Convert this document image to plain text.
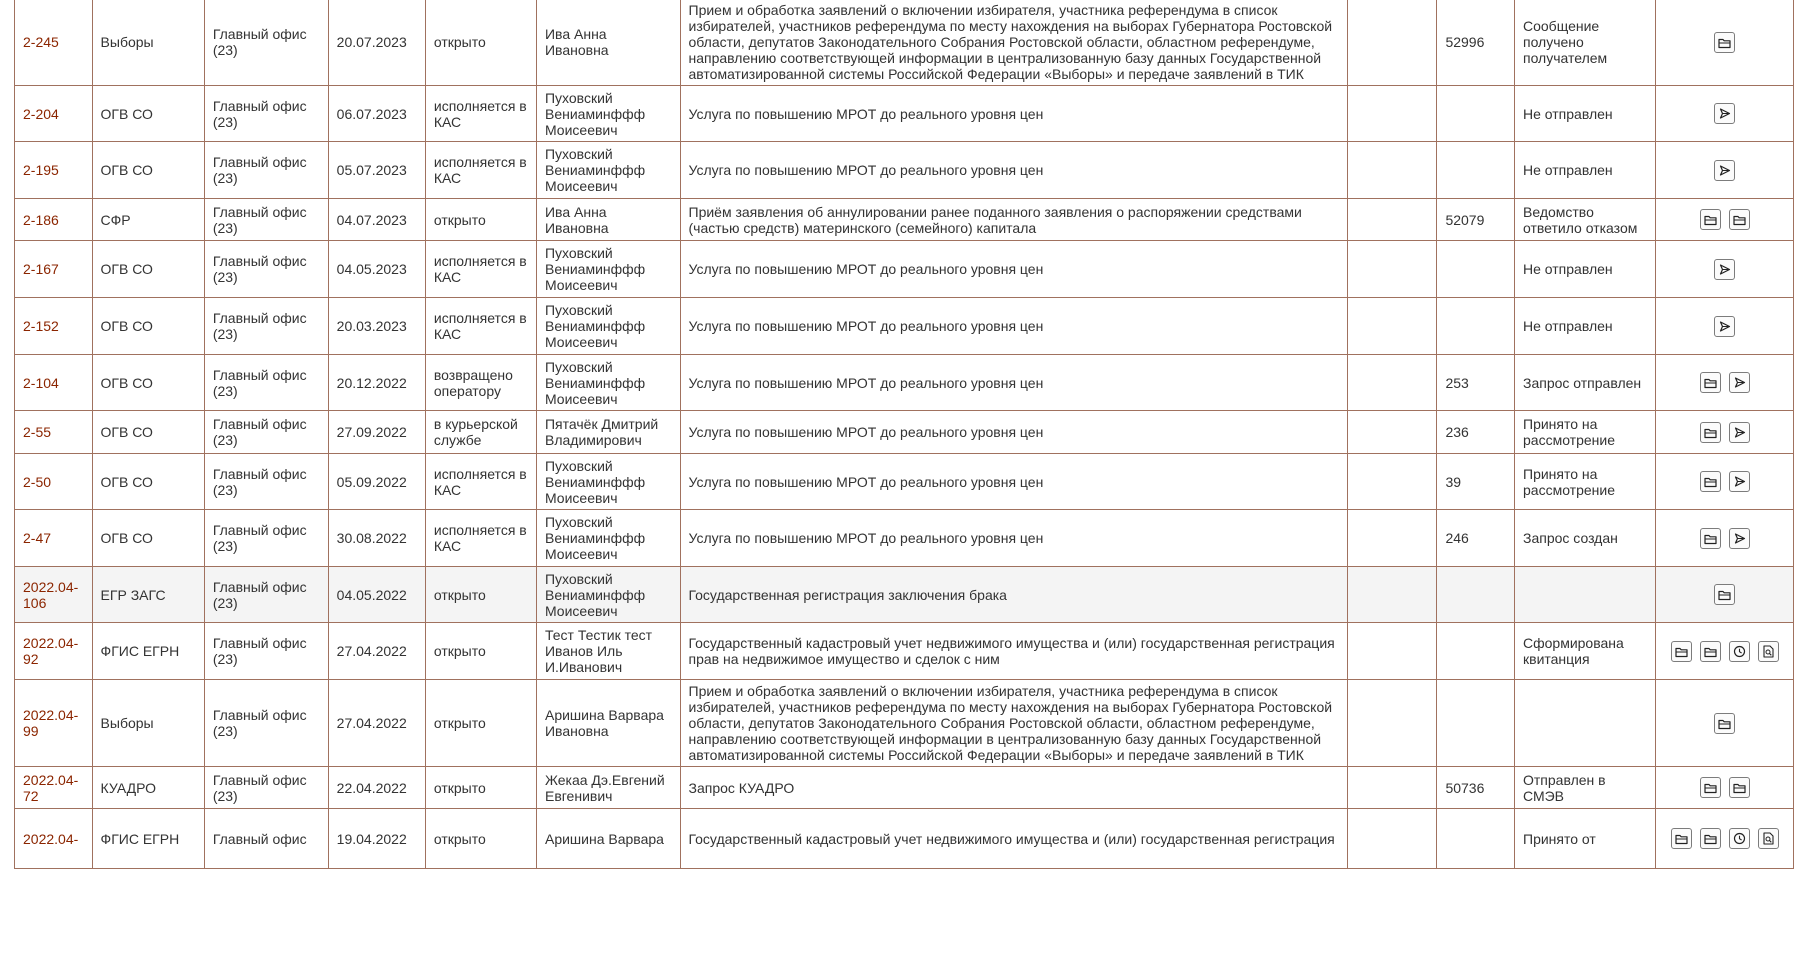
2-245	Выборы	Главный офис (23)	20.07.2023	открыто	Ива Анна Ивановна	Прием и обработка заявлений о включении избирателя, участника референдума в список избирателей, участников референдума по месту нахождения на выборах Губернатора Ростовской области, депутатов Законодательного Собрания Ростовской области, областном референдуме, направлению соответствующей информации в централизованную базу данных Государственной автоматизированной системы Российской Федерации «Выборы» и передаче заявлений в ТИК		52996	Сообщение получено получателем	

2-204	ОГВ СО	Главный офис (23)	06.07.2023	исполняется в КАС	Пуховский Вениаминффф Моисеевич	Услуга по повышению МРОТ до реального уровня цен			Не отправлен	

2-195	ОГВ СО	Главный офис (23)	05.07.2023	исполняется в КАС	Пуховский Вениаминффф Моисеевич	Услуга по повышению МРОТ до реального уровня цен			Не отправлен	

2-186	СФР	Главный офис (23)	04.07.2023	открыто	Ива Анна Ивановна	Приём заявления об аннулировании ранее поданного заявления о распоряжении средствами (частью средств) материнского (семейного) капитала		52079	Ведомство ответило отказом	

2-167	ОГВ СО	Главный офис (23)	04.05.2023	исполняется в КАС	Пуховский Вениаминффф Моисеевич	Услуга по повышению МРОТ до реального уровня цен			Не отправлен	

2-152	ОГВ СО	Главный офис (23)	20.03.2023	исполняется в КАС	Пуховский Вениаминффф Моисеевич	Услуга по повышению МРОТ до реального уровня цен			Не отправлен	

2-104	ОГВ СО	Главный офис (23)	20.12.2022	возвращено оператору	Пуховский Вениаминффф Моисеевич	Услуга по повышению МРОТ до реального уровня цен		253	Запрос отправлен	

2-55	ОГВ СО	Главный офис (23)	27.09.2022	в курьерской службе	Пятачёк Дмитрий Владимирович	Услуга по повышению МРОТ до реального уровня цен		236	Принято на рассмотрение	

2-50	ОГВ СО	Главный офис (23)	05.09.2022	исполняется в КАС	Пуховский Вениаминффф Моисеевич	Услуга по повышению МРОТ до реального уровня цен		39	Принято на рассмотрение	

2-47	ОГВ СО	Главный офис (23)	30.08.2022	исполняется в КАС	Пуховский Вениаминффф Моисеевич	Услуга по повышению МРОТ до реального уровня цен		246	Запрос создан	

2022.04-106	ЕГР ЗАГС	Главный офис (23)	04.05.2022	открыто	Пуховский Вениаминффф Моисеевич	Государственная регистрация заключения брака				

2022.04-92	ФГИС ЕГРН	Главный офис (23)	27.04.2022	открыто	Тест Тестик тест Иванов Иль И.Иванович	Государственный кадастровый учет недвижимого имущества и (или) государственная регистрация прав на недвижимое имущество и сделок с ним			Сформирована квитанция	

2022.04-99	Выборы	Главный офис (23)	27.04.2022	открыто	Аришина Варвара Ивановна	Прием и обработка заявлений о включении избирателя, участника референдума в список избирателей, участников референдума по месту нахождения на выборах Губернатора Ростовской области, депутатов Законодательного Собрания Ростовской области, областном референдуме, направлению соответствующей информации в централизованную базу данных Государственной автоматизированной системы Российской Федерации «Выборы» и передаче заявлений в ТИК				

2022.04-72	КУАДРО	Главный офис (23)	22.04.2022	открыто	Жекаа Дэ.Евгений Евгенивич	Запрос КУАДРО		50736	Отправлен в СМЭВ	

2022.04-	ФГИС ЕГРН	Главный офис	19.04.2022	открыто	Аришина Варвара	Государственный кадастровый учет недвижимого имущества и (или) государственная регистрация			Принято от	
